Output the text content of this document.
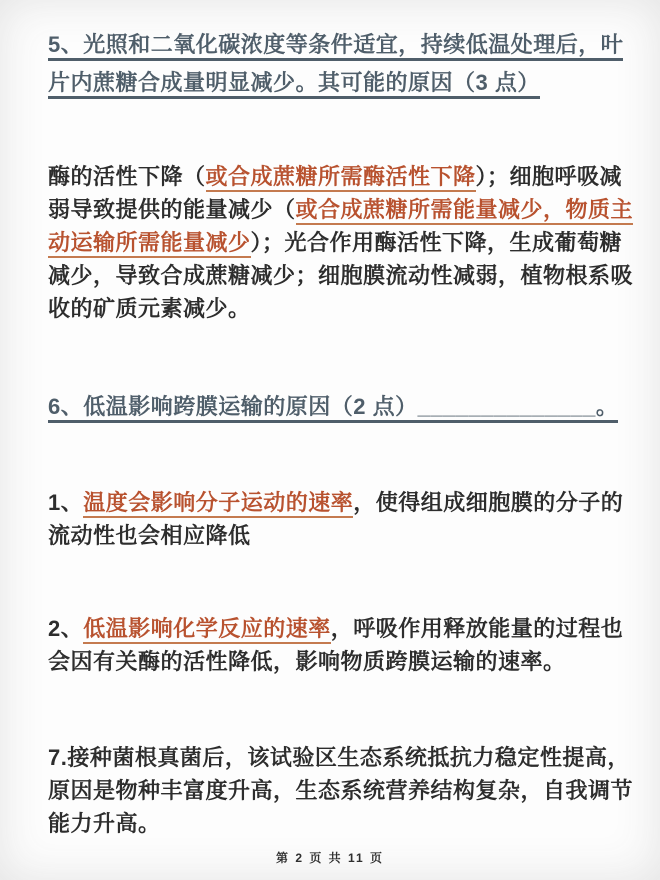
5、光照和二氧化碳浓度等条件适宜，持续低温处理后，叶
片内蔗糖合成量明显减少。其可能的原因（3 点）
酶的活性下降（或合成蔗糖所需酶活性下降）；细胞呼吸减
弱导致提供的能量减少（或合成蔗糖所需能量减少，物质主
动运输所需能量减少）；光合作用酶活性下降，生成葡萄糖
减少，导致合成蔗糖减少；细胞膜流动性减弱，植物根系吸
收的矿质元素减少。
6、低温影响跨膜运输的原因（2 点）______________。
1、温度会影响分子运动的速率，使得组成细胞膜的分子的
流动性也会相应降低
2、低温影响化学反应的速率，呼吸作用释放能量的过程也
会因有关酶的活性降低，影响物质跨膜运输的速率。
7.接种菌根真菌后，该试验区生态系统抵抗力稳定性提高，
原因是物种丰富度升高，生态系统营养结构复杂，自我调节
能力升高。
第 2 页 共 11 页
